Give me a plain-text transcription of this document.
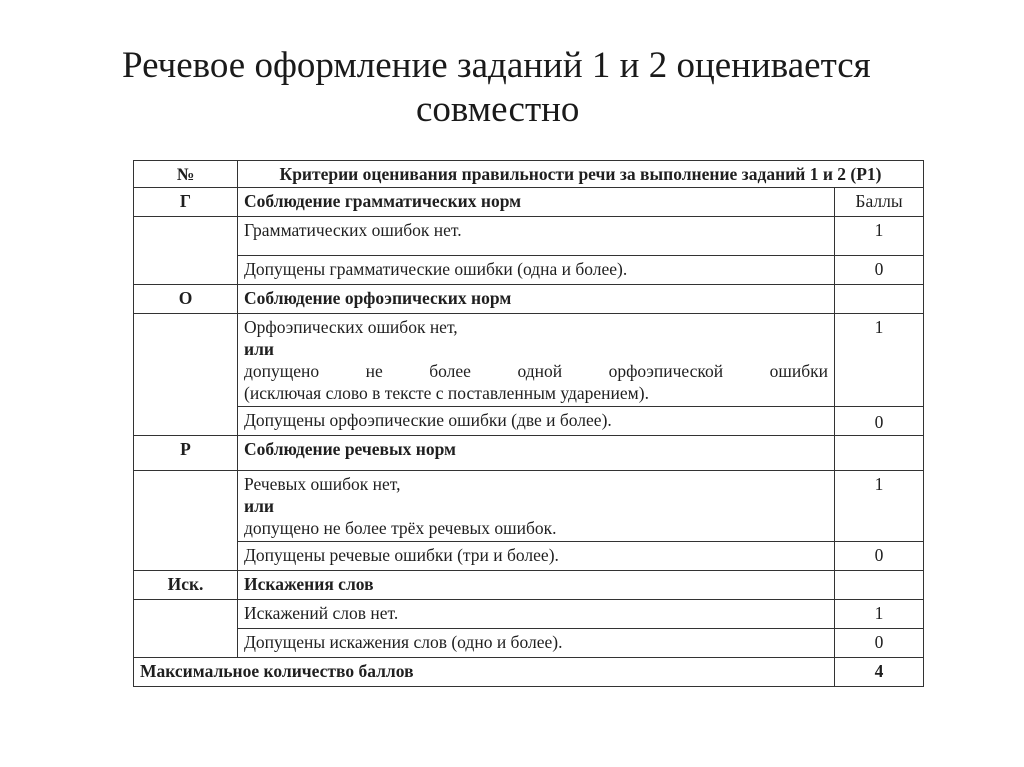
Речевое оформление заданий 1 и 2 оценивается
совместно
№	Критерии оценивания правильности речи за выполнение заданий 1 и 2 (Р1)	
Г	Соблюдение грамматических норм	Баллы
	Грамматических ошибок нет.	1
	Допущены грамматические ошибки (одна и более).	0
О	Соблюдение орфоэпических норм	

	Орфоэпических ошибок нет,
или
допущено не более одной орфоэпической ошибки
(исключая слово в тексте с поставленным ударением).	1
	Допущены орфоэпические ошибки (две и более).	0
Р	Соблюдение речевых норм	

	Речевых ошибок нет,
или
допущено не более трёх речевых ошибок.	1
	Допущены речевые ошибки (три и более).	0
Иск.	Искажения слов	
	Искажений слов нет.	1
	Допущены искажения слов (одно и более).	0
Максимальное количество баллов		4
